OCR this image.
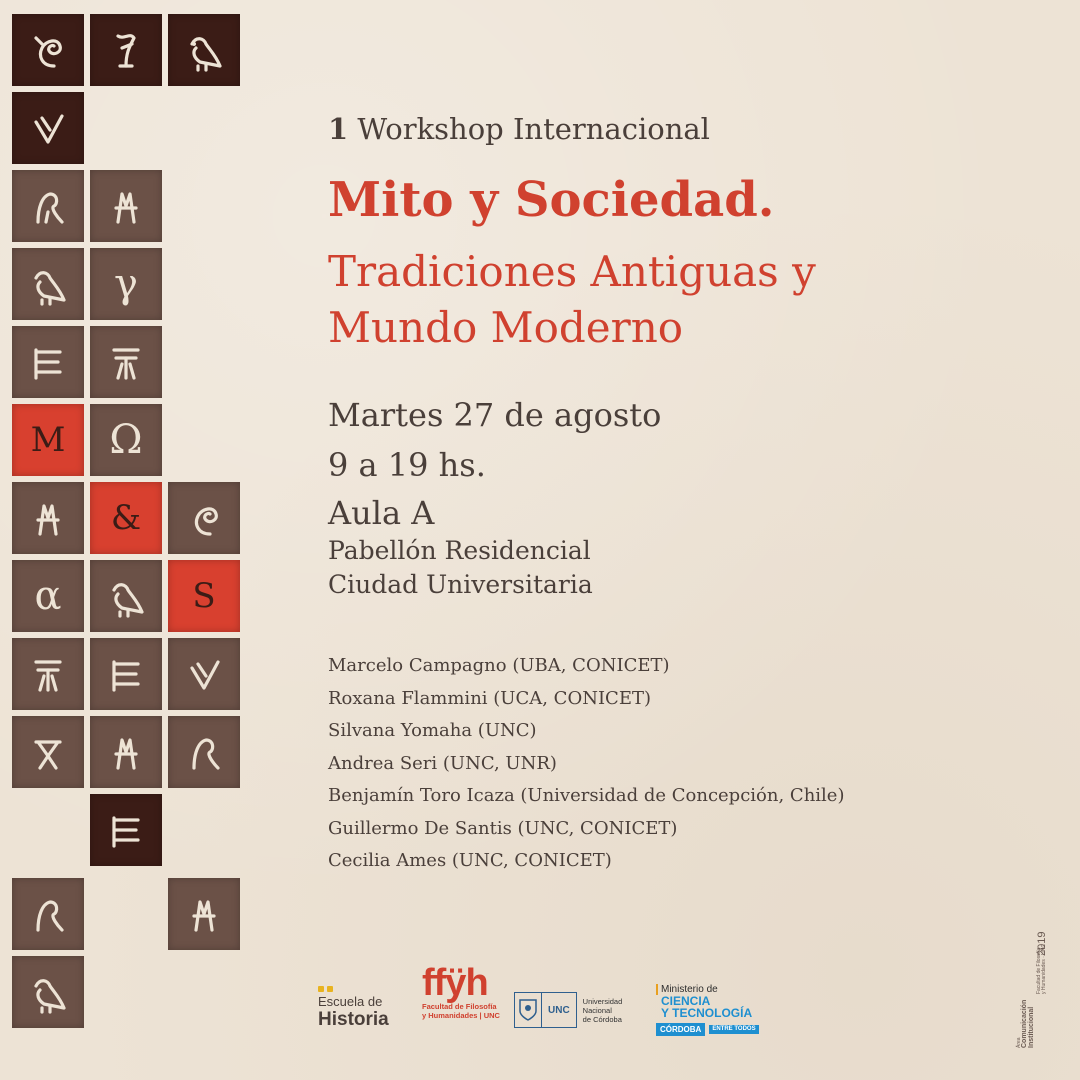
γ
M Ω
&
α	S
1 Workshop Internacional
Mito y Sociedad.
Tradiciones Antiguas y
Mundo Moderno
Martes 27 de agosto
9 a 19 hs.
Aula A
Pabellón Residencial
Ciudad Universitaria
Marcelo Campagno (UBA, CONICET)
Roxana Flammini (UCA, CONICET)
Silvana Yomaha (UNC)
Andrea Seri (UNC, UNR)
Benjamín Toro Icaza (Universidad de Concepción, Chile)
Guillermo De Santis (UNC, CONICET)
Cecilia Ames (UNC, CONICET)
Escuela de
Historia
ffÿh
Facultad de Filosofía
y Humanidades | UNC	UNC
Universidad
Nacional
de Córdoba
Ministerio de
CIENCIA
Y TECNOLOGÍA
CÓRDOBA	ENTRE TODOS
Área Comunicación Institucional
Facultad de Filosofía y Humanidades · UNC
2019
